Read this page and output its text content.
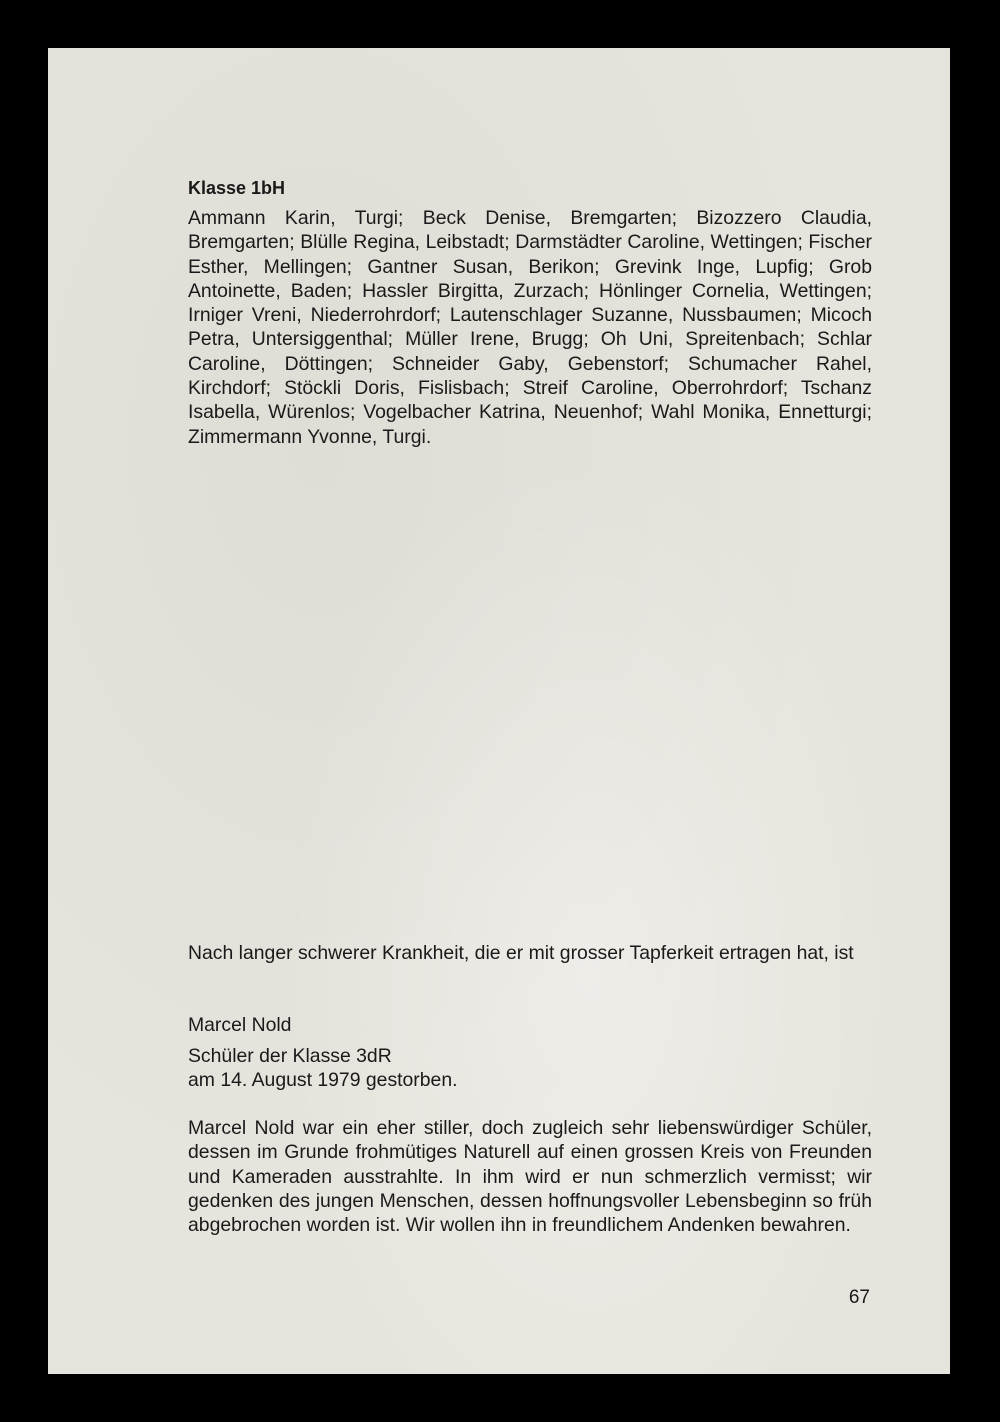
Klasse 1bH
Ammann Karin, Turgi; Beck Denise, Bremgarten; Bizozzero Claudia, Bremgarten; Blülle Regina, Leibstadt; Darmstädter Caroline, Wettingen; Fischer Esther, Mellingen; Gantner Susan, Berikon; Grevink Inge, Lupfig; Grob Antoinette, Baden; Hassler Birgitta, Zurzach; Hönlinger Cornelia, Wettingen; Irniger Vreni, Niederrohrdorf; Lautenschlager Suzanne, Nussbaumen; Micoch Petra, Untersiggenthal; Müller Irene, Brugg; Oh Uni, Spreitenbach; Schlar Caroline, Döttingen; Schneider Gaby, Gebenstorf; Schumacher Rahel, Kirchdorf; Stöckli Doris, Fislisbach; Streif Caroline, Oberrohrdorf; Tschanz Isabella, Würenlos; Vogelbacher Katrina, Neuenhof; Wahl Monika, Ennetturgi; Zimmermann Yvonne, Turgi.
Nach langer schwerer Krankheit, die er mit grosser Tapferkeit ertragen hat, ist
Marcel Nold
Schüler der Klasse 3dR
am 14. August 1979 gestorben.
Marcel Nold war ein eher stiller, doch zugleich sehr liebenswürdiger Schüler, dessen im Grunde frohmütiges Naturell auf einen grossen Kreis von Freunden und Kameraden ausstrahlte. In ihm wird er nun schmerzlich vermisst; wir gedenken des jungen Menschen, dessen hoffnungsvoller Lebensbeginn so früh abgebrochen worden ist. Wir wollen ihn in freundlichem Andenken bewahren.
67
